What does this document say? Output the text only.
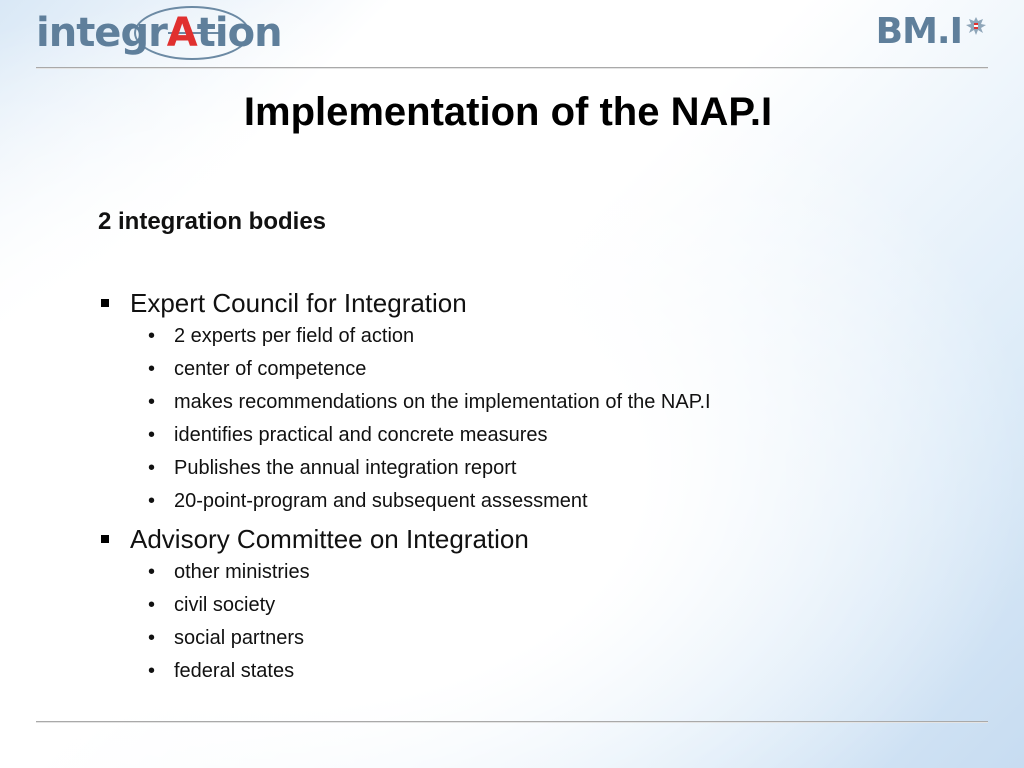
integrAtion	BM.I
Implementation of the NAP.I
2 integration bodies
Expert Council for Integration
• 2 experts per field of action
• center of competence
• makes recommendations on the implementation of the NAP.I
• identifies practical and concrete measures
• Publishes the annual integration report
• 20-point-program and subsequent assessment
Advisory Committee on Integration
• other ministries
• civil society
• social partners
• federal states
